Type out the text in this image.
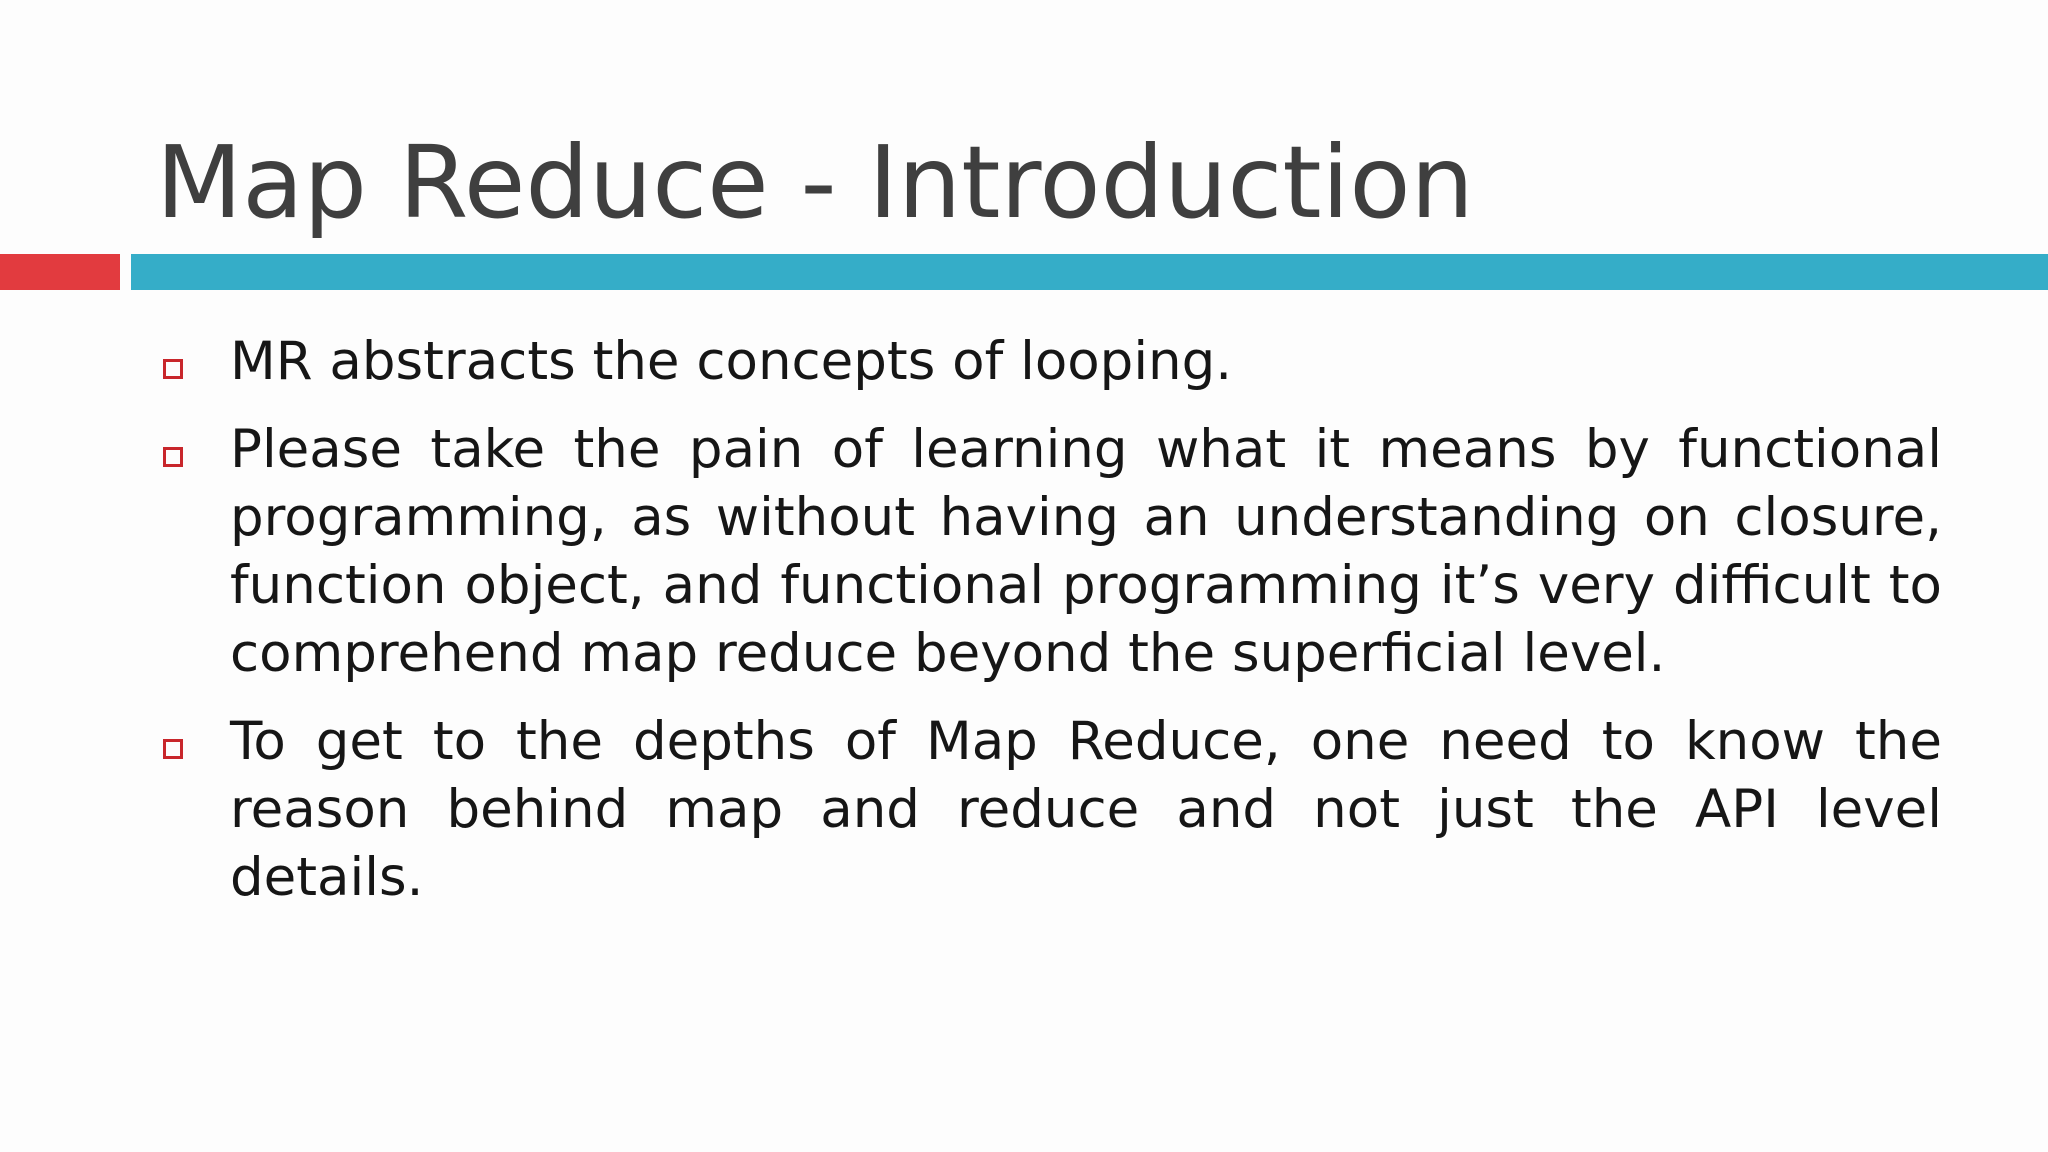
Map Reduce - Introduction
MR abstracts the concepts of looping.
Please take the pain of learning what it means by functional programming, as without having an understanding on closure, function object, and functional programming it’s very difficult to comprehend map reduce beyond the superficial level.
To get to the depths of Map Reduce, one need to know the reason behind map and reduce and not just the API level details.
